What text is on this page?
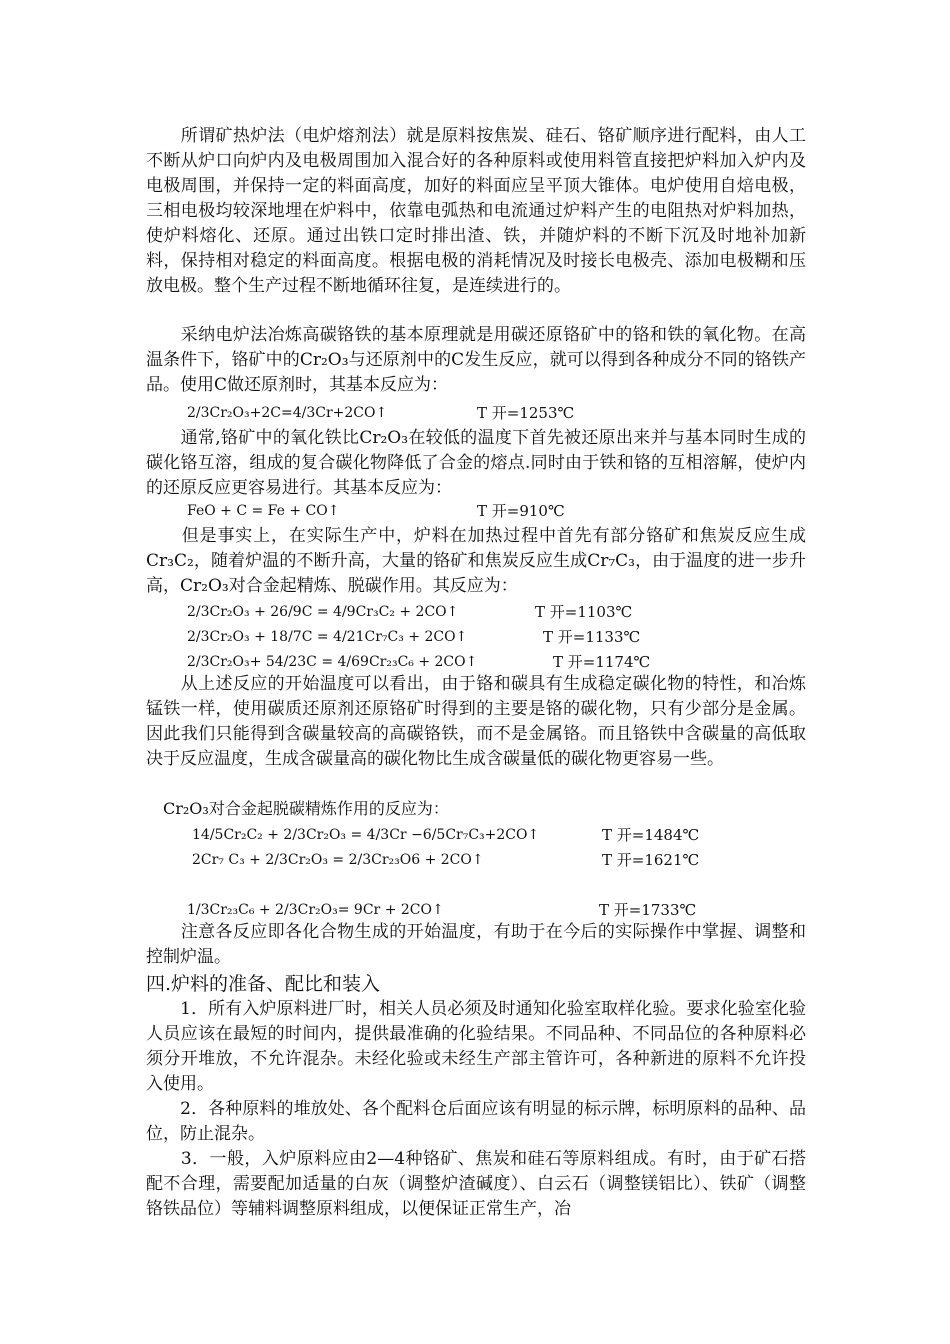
　　所谓矿热炉法（电炉熔剂法）就是原料按焦炭、硅石、铬矿顺序进行配料，由人工不断从炉口向炉内及电极周围加入混合好的各种原料或使用料管直接把炉料加入炉内及电极周围，并保持一定的料面高度，加好的料面应呈平顶大锥体。电炉使用自焙电极，三相电极均较深地埋在炉料中，依靠电弧热和电流通过炉料产生的电阻热对炉料加热，使炉料熔化、还原。通过出铁口定时排出渣、铁，并随炉料的不断下沉及时地补加新料，保持相对稳定的料面高度。根据电极的消耗情况及时接长电极壳、添加电极糊和压放电极。整个生产过程不断地循环往复，是连续进行的。

　　采纳电炉法冶炼高碳铬铁的基本原理就是用碳还原铬矿中的铬和铁的氧化物。在高温条件下，铬矿中的Cr₂O₃与还原剂中的C发生反应，就可以得到各种成分不同的铬铁产品。使用C做还原剂时，其基本反应为：

2/3Cr₂O₃+2C=4/3Cr+2CO↑	T 开=1253℃

　　通常,铬矿中的氧化铁比Cr₂O₃在较低的温度下首先被还原出来并与基本同时生成的碳化铬互溶，组成的复合碳化物降低了合金的熔点.同时由于铁和铬的互相溶解，使炉内的还原反应更容易进行。其基本反应为：

FeO + C = Fe + CO↑	T 开=910℃

　　但是事实上，在实际生产中，炉料在加热过程中首先有部分铬矿和焦炭反应生成Cr₃C₂，随着炉温的不断升高，大量的铬矿和焦炭反应生成Cr₇C₃，由于温度的进一步升高，Cr₂O₃对合金起精炼、脱碳作用。其反应为：

2/3Cr₂O₃ + 26/9C = 4/9Cr₃C₂ + 2CO↑	T 开=1103℃
2/3Cr₂O₃ + 18/7C = 4/21Cr₇C₃ + 2CO↑	T 开=1133℃
2/3Cr₂O₃+ 54/23C = 4/69Cr₂₃C₆ + 2CO↑	T 开=1174℃

　　从上述反应的开始温度可以看出，由于铬和碳具有生成稳定碳化物的特性，和冶炼锰铁一样，使用碳质还原剂还原铬矿时得到的主要是铬的碳化物，只有少部分是金属。因此我们只能得到含碳量较高的高碳铬铁，而不是金属铬。而且铬铁中含碳量的高低取决于反应温度，生成含碳量高的碳化物比生成含碳量低的碳化物更容易一些。

Cr₂O₃对合金起脱碳精炼作用的反应为：
14/5Cr₂C₂ + 2/3Cr₂O₃ = 4/3Cr −6/5Cr₇C₃+2CO↑	T 开=1484℃
2Cr₇ C₃ + 2/3Cr₂O₃ = 2/3Cr₂₃O6 + 2CO↑	T 开=1621℃
1/3Cr₂₃C₆ + 2/3Cr₂O₃= 9Cr + 2CO↑	T 开=1733℃

　　注意各反应即各化合物生成的开始温度，有助于在今后的实际操作中掌握、调整和控制炉温。

四.炉料的准备、配比和装入

　　1．所有入炉原料进厂时，相关人员必须及时通知化验室取样化验。要求化验室化验人员应该在最短的时间内，提供最准确的化验结果。不同品种、不同品位的各种原料必须分开堆放，不允许混杂。未经化验或未经生产部主管许可，各种新进的原料不允许投入使用。

　　2．各种原料的堆放处、各个配料仓后面应该有明显的标示牌，标明原料的品种、品位，防止混杂。

　　3．一般，入炉原料应由2—4种铬矿、焦炭和硅石等原料组成。有时，由于矿石搭配不合理，需要配加适量的白灰（调整炉渣碱度）、白云石（调整镁铝比）、铁矿（调整铬铁品位）等辅料调整原料组成，以便保证正常生产，冶
